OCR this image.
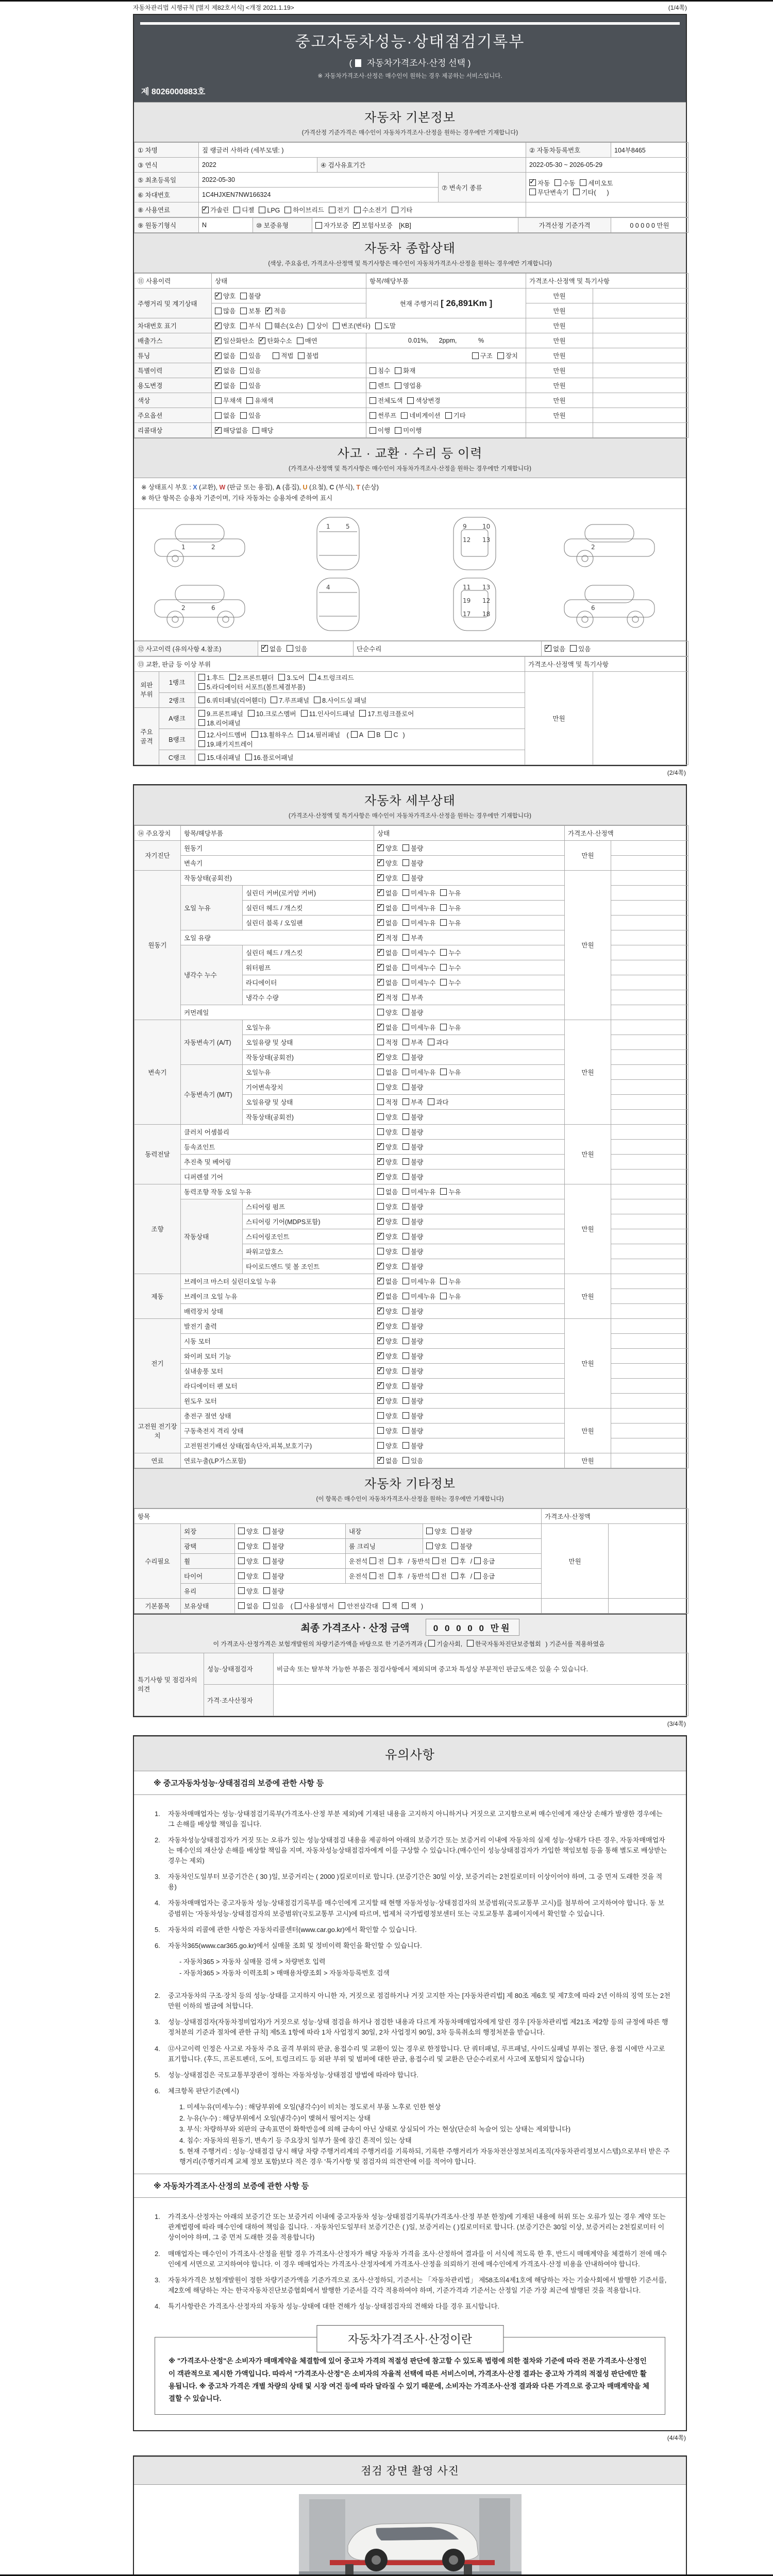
자동차관리법 시행규칙 [별지 제82호서식] <개정 2021.1.19>	(1/4쪽)
중고자동차성능·상태점검기록부
( 자동차가격조사·산정 선택 )
※ 자동차가격조사·산정은 매수인이 원하는 경우 제공하는 서비스입니다.
제 8026000883호
자동차 기본정보
(가격산정 기준가격은 매수인이 자동차가격조사·산정을 원하는 경우에만 기재합니다)
① 차명	짚 랭글러 사하라 (세부모델: )			② 자동차등록번호	104부8465
③ 연식	2022	④ 검사유효기간		2022-05-30 ~ 2026-05-29	
⑤ 최초등록일	2022-05-30		⑦ 변속기 종류	
✓자동 수동 세미오토
무단변속기 기타(      )

⑥ 차대번호	1C4HJXEN7NW166324				
⑧ 사용연료	✓가솔린 디젤 LPG 하이브리드 전기 수소전기 기타	
⑨ 원동기형식	N	⑩ 보증유형	자가보증 ✓ 보험사보증 [KB]	가격산정 기준가격	0 0 0 0 0 만원
자동차 종합상태
(색상, 주요옵션, 가격조사·산정액 및 특기사항은 매수인이 자동차가격조사·산정을 원하는 경우에만 기재합니다)
⑪ 사용이력	상태	항목/해당부품	가격조사·산정액 및 특기사항	
주행거리 및 계기상태	✓양호 불량	현재 주행거리 [ 26,891Km ]	만원	
	많음 보통 ✓ 적음		만원	
차대번호 표기	✓양호 부식 훼손(오손) 상이 변조(변타) 도말		만원	
배출가스	✓일산화탄소 ✓ 탄화수소 매연	0.01%,      2ppm,            %	만원	
튜닝	✓없음 있음 적법 불법	구조 장치	만원	
특별이력	✓없음 있음	침수 화재	만원	
용도변경	✓없음 있음	렌트 영업용	만원	
색상	무채색 유채색	전체도색 색상변경	만원	
주요옵션	없음 있음	썬루프 네비게이션 기타	만원	
리콜대상	✓해당없음 해당	이행 미이행		
사고 · 교환 · 수리 등 이력
(가격조사·산정액 및 특기사항은 매수인이 자동차가격조사·산정을 원하는 경우에만 기재합니다)
※ 상태표시 부호 : X (교환), W (판금 또는 용접), A (흠집), U (요철), C (부식), T (손상)
※ 하단 항목은 승용차 기준이며, 기타 자동차는 승용차에 준하여 표시
1	2
1	5	9	10
12 13
2
2	6
4	11 13
19 12
17 18
6
⑫ 사고이력 (유의사항 4.참조)	✓없음 있음	단순수리	✓없음 있음
⑬ 교환, 판금 등 이상 부위			가격조사·산정액 및 특기사항	
외판 부위	1랭크	1.후드 2.프론트휀더 3.도어 4.트렁크리드
5.라디에이터 서포트(볼트체결부품)	만원	
	2랭크	6.쿼터패널(리어휀더) 7.루프패널 8.사이드실 패널		
주요 골격	A랭크	9.프론트패널 10.크로스멤버 11.인사이드패널 17.트렁크플로어
18.리어패널		

	B랭크	12.사이드멤버 13.휠하우스 14.필러패널 ( A B C )
19.패키지트레이		

	C랭크	15.대쉬패널 16.플로어패널		
(2/4쪽)
자동차 세부상태
(가격조사·산정액 및 특기사항은 매수인이 자동차가격조사·산정을 원하는 경우에만 기재합니다)
⑭ 주요장치	항목/해당부품		상태	가격조사·산정액	
자기진단	원동기	✓양호 불량	만원	
	변속기	✓양호 불량	
원동기	작동상태(공회전)	✓양호 불량	만원	
	오일 누유	실린더 커버(로커암 커버)	✓없음 미세누유 누유	
		실린더 헤드 / 개스킷	✓없음 미세누유 누유	
		실린더 블록 / 오일팬	✓없음 미세누유 누유	
	오일 유량	✓적정 부족	
	냉각수 누수	실린더 헤드 / 개스킷	✓없음 미세누수 누수	
		워터펌프	✓없음 미세누수 누수	
		라디에이터	✓없음 미세누수 누수	
		냉각수 수량	✓적정 부족	
	커먼레일		양호 불량		
변속기	자동변속기 (A/T)	오일누유	✓없음 미세누유 누유	만원	
		오일유량 및 상태	적정 부족 과다		
		작동상태(공회전)	✓양호 불량	
	수동변속기 (M/T)	오일누유	없음 미세누유 누유		
		기어변속장치	양호 불량		
		오일유량 및 상태	적정 부족 과다		
		작동상태(공회전)	양호 불량		
동력전달	클러치 어셈블리		양호 불량	만원	
	등속죠인트	✓양호 불량	
	추진축 및 베어링	✓양호 불량	
	디퍼렌셜 기어	✓양호 불량	
조향	동력조향 작동 오일 누유		없음 미세누유 누유	만원	
	작동상태	스티어링 펌프	양호 불량		
		스티어링 기어(MDPS포함)	✓양호 불량	
		스티어링조인트	✓양호 불량	
		파워고압호스	양호 불량		
		타이로드엔드 및 볼 조인트	✓양호 불량	
제동	브레이크 마스터 실린더오일 누유	✓없음 미세누유 누유	만원	
	브레이크 오일 누유	✓없음 미세누유 누유	
	배력장치 상태	✓양호 불량	
전기	발전기 출력	✓양호 불량	만원	
	시동 모터	✓양호 불량	
	와이퍼 모터 기능	✓양호 불량	
	실내송풍 모터	✓양호 불량	
	라디에이터 팬 모터	✓양호 불량	
	윈도우 모터	✓양호 불량	
고전원 전기장치	충전구 절연 상태		양호 불량	만원	
	구동축전지 격리 상태		양호 불량		
	고전원전기배선 상태(접속단자,피복,보호기구)		양호 불량		
연료	연료누출(LP가스포함)	✓없음 있음	만원	
자동차 기타정보
(이 항목은 매수인이 자동차가격조사·산정을 원하는 경우에만 기재합니다)
항목					가격조사·산정액	
수리필요	외장	양호 불량	내장	양호 불량	만원	
	광택	양호 불량	룸 크리닝	양호 불량		
	휠	양호 불량	운전석 전 후 / 동반석 전 후 / 응급			
	타이어	양호 불량	운전석 전 후 / 동반석 전 후 / 응급			
	유리	양호 불량				
기본품목	보유상태	없음 있음 ( 사용설명서 안전삼각대 잭 잭 )				
최종 가격조사 · 산정 금액	0 0 0 0 0 만원
이 가격조사·산정가격은 보험개발원의 차량기준가액을 바탕으로 한 기준가격과 ( 기술사회, 한국자동차진단보증협회 ) 기준서를 적용하였음
특기사항 및 점검자의 의견	성능·상태점검자	비금속 또는 탈부착 가능한 부품은 점검사항에서 제외되며 중고차 특성상 부분적인 판금도색은 있을 수 있습니다.
	가격·조사산정자	
(3/4쪽)
유의사항
※ 중고자동차성능·상태점검의 보증에 관한 사항 등
1.	자동차매매업자는 성능·상태점검기록부(가격조사·산정 부분 제외)에 기재된 내용을 고지하지 아니하거나 거짓으로 고지함으로써 매수인에게 재산상 손해가 발생한 경우에는 그 손해를 배상할 책임을 집니다.
2.	자동차성능상태점검자가 거짓 또는 오류가 있는 성능상태점검 내용을 제공하여 아래의 보증기간 또는 보증거리 이내에 자동차의 실제 성능·상태가 다른 경우, 자동차매매업자는 매수인의 재산상 손해를 배상할 책임을 지며, 자동차성능상태점검자에게 이를 구상할 수 있습니다.(매수인이 성능상태점검자가 가입한 책임보험 등을 통해 별도로 배상받는 경우는 제외)
3.	자동차인도일부터 보증기간은 ( 30 )일, 보증거리는 ( 2000 )킬로미터로 합니다. (보증기간은 30일 이상, 보증거리는 2천킬로미터 이상이어야 하며, 그 중 먼저 도래한 것을 적용)
4.	자동차매매업자는 중고자동차 성능·상태점검기록부를 매수인에게 고지할 때 현행 자동차성능·상태점검자의 보증범위(국토교통부 고시)를 첨부하여 고지하여야 합니다. 동 보증범위는 '자동차성능·상태점검자의 보증범위'(국토교통부 고시)에 따르며, 법제처 국가법령정보센터 또는 국토교통부 홈페이지에서 확인할 수 있습니다.
5.	자동차의 리콜에 관한 사항은 자동차리콜센터(www.car.go.kr)에서 확인할 수 있습니다.
6.	자동차365(www.car365.go.kr)에서 실매물 조회 및 정비이력 확인을 확인할 수 있습니다.
- 자동차365 > 자동차 실매물 검색 > 차량번호 입력
- 자동차365 > 자동차 이력조회 > 매매용차량조회 > 자동차등록번호 검색
2.	중고자동차의 구조·장치 등의 성능·상태를 고지하지 아니한 자, 거짓으로 점검하거나 거짓 고지한 자는 [자동차관리법] 제 80조 제6호 및 제7호에 따라 2년 이하의 징역 또는 2천만원 이하의 벌금에 처합니다.
3.	성능·상태점검자(자동차정비업자)가 거짓으로 성능·상태 점검을 하거나 점검한 내용과 다르게 자동차매매업자에게 알린 경우 [자동차관리법 제21조 제2항 등의 규정에 따른 행정처분의 기준과 절차에 관한 규칙] 제5조 1항에 따라 1차 사업정지 30일, 2차 사업정지 90일, 3차 등록취소의 행정처분을 받습니다.
4.	⑫사고이력 인정은 사고로 자동차 주요 골격 부위의 판금, 용접수리 및 교환이 있는 경우로 한정합니다. 단 쿼터패널, 루프패널, 사이드실패널 부위는 절단, 용접 시에만 사고로 표기합니다. (후드, 프론트펜더, 도어, 트렁크리드 등 외판 부위 및 범퍼에 대한 판금, 용접수리 및 교환은 단순수리로서 사고에 포함되지 않습니다)
5.	성능·상태점검은 국토교통부장관이 정하는 자동차성능·상태점검 방법에 따라야 합니다.
6.	체크항목 판단기준(예시)
1. 미세누유(미세누수) : 해당부위에 오일(냉각수)이 비치는 정도로서 부품 노후로 인한 현상
2. 누유(누수) : 해당부위에서 오일(냉각수)이 맺혀서 떨어지는 상태
3. 부식: 차량하부와 외판의 금속표면이 화학반응에 의해 금속이 아닌 상태로 상실되어 가는 현상(단순히 녹슬어 있는 상태는 제외합니다)
4. 침수: 자동차의 원동기, 변속기 등 주요장치 일부가 물에 잠긴 흔적이 있는 상태
5. 현재 주행거리 : 성능·상태점검 당시 해당 차량 주행거리계의 주행거리를 기록하되, 기록한 주행거리가 자동차전산정보처리조직(자동차관리정보시스템)으로부터 받은 주행거리(주행거리계 교체 정보 포함)보다 적은 경우 '특기사항 및 점검자의 의견'란에 이를 적어야 합니다.
※ 자동차가격조사·산정의 보증에 관한 사항 등
1.	가격조사·산정자는 아래의 보증기간 또는 보증거리 이내에 중고자동차 성능·상태점검기록부(가격조사·산정 부분 한정)에 기재된 내용에 허위 또는 오류가 있는 경우 계약 또는 관계법령에 따라 매수인에 대하여 책임을 집니다. · 자동차인도일부터 보증기간은 ( )일, 보증거리는 ( )킬로미터로 합니다. (보증기간은 30일 이상, 보증거리는 2천킬로미터 이상이어야 하며, 그 중 먼저 도래한 것을 적용합니다)
2.	매매업자는 매수인이 가격조사·산정을 원할 경우 가격조사·산정자가 해당 자동차 가격을 조사·산정하여 결과를 이 서식에 적도록 한 후, 반드시 매매계약을 체결하기 전에 매수인에게 서면으로 고지하여야 합니다. 이 경우 매매업자는 가격조사·산정자에게 가격조사·산정을 의뢰하기 전에 매수인에게 가격조사·산정 비용을 안내하여야 합니다.
3.	자동차가격은 보험개발원이 정한 차량기준가액을 기준가격으로 조사·산정하되, 기준서는 「자동차관리법」 제58조의4제1호에 해당하는 자는 기술사회에서 발행한 기준서를, 제2호에 해당하는 자는 한국자동차진단보증협회에서 발행한 기준서를 각각 적용하여야 하며, 기준가격과 기준서는 산정일 기준 가장 최근에 발행된 것을 적용합니다.
4.	특기사항란은 가격조사·산정자의 자동차 성능·상태에 대한 견해가 성능·상태점검자의 견해와 다를 경우 표시합니다.
자동차가격조사·산정이란
※ "가격조사·산정"은 소비자가 매매계약을 체결함에 있어 중고차 가격의 적절성 판단에 참고할 수 있도록 법령에 의한 절차와 기준에 따라 전문 가격조사·산정인이 객관적으로 제시한 가액입니다. 따라서 "가격조사·산정"은 소비자의 자율적 선택에 따른 서비스이며, 가격조사·산정 결과는 중고차 가격의 적절성 판단에만 활용됩니다. ※ 중고차 가격은 개별 차량의 상태 및 시장 여건 등에 따라 달라질 수 있기 때문에, 소비자는 가격조사·산정 결과와 다른 가격으로 중고차 매매계약을 체결할 수 있습니다.
(4/4쪽)
점검 장면 촬영 사진
